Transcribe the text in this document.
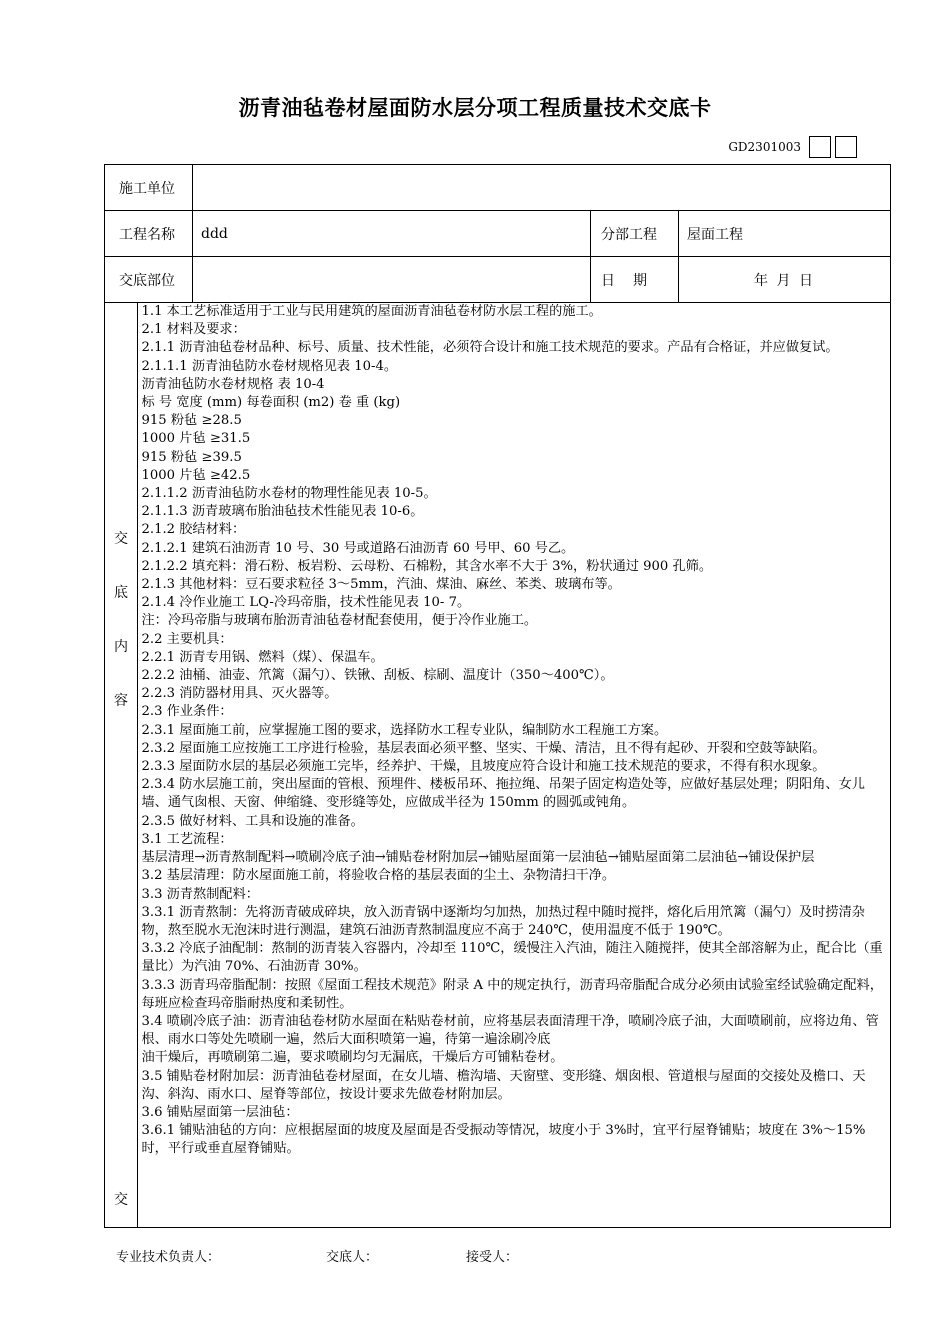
沥青油毡卷材屋面防水层分项工程质量技术交底卡
GD2301003
施工单位	
工程名称	ddd	分部工程	屋面工程
交底部位		日　期	年 月 日

交
底
内
容
交

1.1 本工艺标准适用于工业与民用建筑的屋面沥青油毡卷材防水层工程的施工。

2.1 材料及要求：

2.1.1 沥青油毡卷材品种、标号、质量、技术性能，必须符合设计和施工技术规范的要求。产品有合格证，并应做复试。

2.1.1.1 沥青油毡防水卷材规格见表 10-4。

沥青油毡防水卷材规格 表 10-4

标 号 宽度 (mm) 每卷面积 (m2) 卷 重 (kg)

915 粉毡 ≥28.5

1000 片毡 ≥31.5

915 粉毡 ≥39.5

1000 片毡 ≥42.5

2.1.1.2 沥青油毡防水卷材的物理性能见表 10-5。

2.1.1.3 沥青玻璃布胎油毡技术性能见表 10-6。

2.1.2 胶结材料：

2.1.2.1 建筑石油沥青 10 号、30 号或道路石油沥青 60 号甲、60 号乙。

2.1.2.2 填充料：滑石粉、板岩粉、云母粉、石棉粉，其含水率不大于 3%，粉状通过 900 孔筛。

2.1.3 其他材料：豆石要求粒径 3～5mm，汽油、煤油、麻丝、苯类、玻璃布等。

2.1.4 冷作业施工 LQ-冷玛帝脂，技术性能见表 10- 7。

注：冷玛帝脂与玻璃布胎沥青油毡卷材配套使用，便于冷作业施工。

2.2 主要机具：

2.2.1 沥青专用锅、燃料（煤）、保温车。

2.2.2 油桶、油壶、笊篱（漏勺）、铁锹、刮板、棕刷、温度计（350～400℃）。

2.2.3 消防器材用具、灭火器等。

2.3 作业条件：

2.3.1 屋面施工前，应掌握施工图的要求，选择防水工程专业队，编制防水工程施工方案。

2.3.2 屋面施工应按施工工序进行检验，基层表面必须平整、坚实、干燥、清洁，且不得有起砂、开裂和空鼓等缺陷。

2.3.3 屋面防水层的基层必须施工完毕，经养护、干燥，且坡度应符合设计和施工技术规范的要求，不得有积水现象。

2.3.4 防水层施工前，突出屋面的管根、预埋件、楼板吊环、拖拉绳、吊架子固定构造处等，应做好基层处理；阴阳角、女儿墙、通气囱根、天窗、伸缩缝、变形缝等处，应做成半径为 150mm 的圆弧或钝角。

2.3.5 做好材料、工具和设施的准备。

3.1 工艺流程：

基层清理→沥青熬制配料→喷刷冷底子油→铺贴卷材附加层→铺贴屋面第一层油毡→铺贴屋面第二层油毡→铺设保护层

3.2 基层清理：防水屋面施工前，将验收合格的基层表面的尘土、杂物清扫干净。

3.3 沥青熬制配料：

3.3.1 沥青熬制：先将沥青破成碎块，放入沥青锅中逐渐均匀加热，加热过程中随时搅拌，熔化后用笊篱（漏勺）及时捞清杂物，熬至脱水无泡沫时进行测温，建筑石油沥青熬制温度应不高于 240℃，使用温度不低于 190℃。

3.3.2 冷底子油配制：熬制的沥青装入容器内，冷却至 110℃，缓慢注入汽油，随注入随搅拌，使其全部溶解为止，配合比（重量比）为汽油 70%、石油沥青 30%。

3.3.3 沥青玛帝脂配制：按照《屋面工程技术规范》附录 A 中的规定执行，沥青玛帝脂配合成分必须由试验室经试验确定配料，每班应检查玛帝脂耐热度和柔韧性。

3.4 喷刷冷底子油：沥青油毡卷材防水屋面在粘贴卷材前，应将基层表面清理干净，喷刷冷底子油，大面喷刷前，应将边角、管根、雨水口等处先喷刷一遍，然后大面积喷第一遍，待第一遍涂刷冷底

油干燥后，再喷刷第二遍，要求喷刷均匀无漏底，干燥后方可铺粘卷材。

3.5 铺贴卷材附加层：沥青油毡卷材屋面，在女儿墙、檐沟墙、天窗壁、变形缝、烟囱根、管道根与屋面的交接处及檐口、天沟、斜沟、雨水口、屋脊等部位，按设计要求先做卷材附加层。

3.6 铺贴屋面第一层油毡：

3.6.1 铺贴油毡的方向：应根据屋面的坡度及屋面是否受振动等情况，坡度小于 3%时，宜平行屋脊铺贴；坡度在 3%～15%时，平行或垂直屋脊铺贴。

专业技术负责人：	交底人：	接受人：
